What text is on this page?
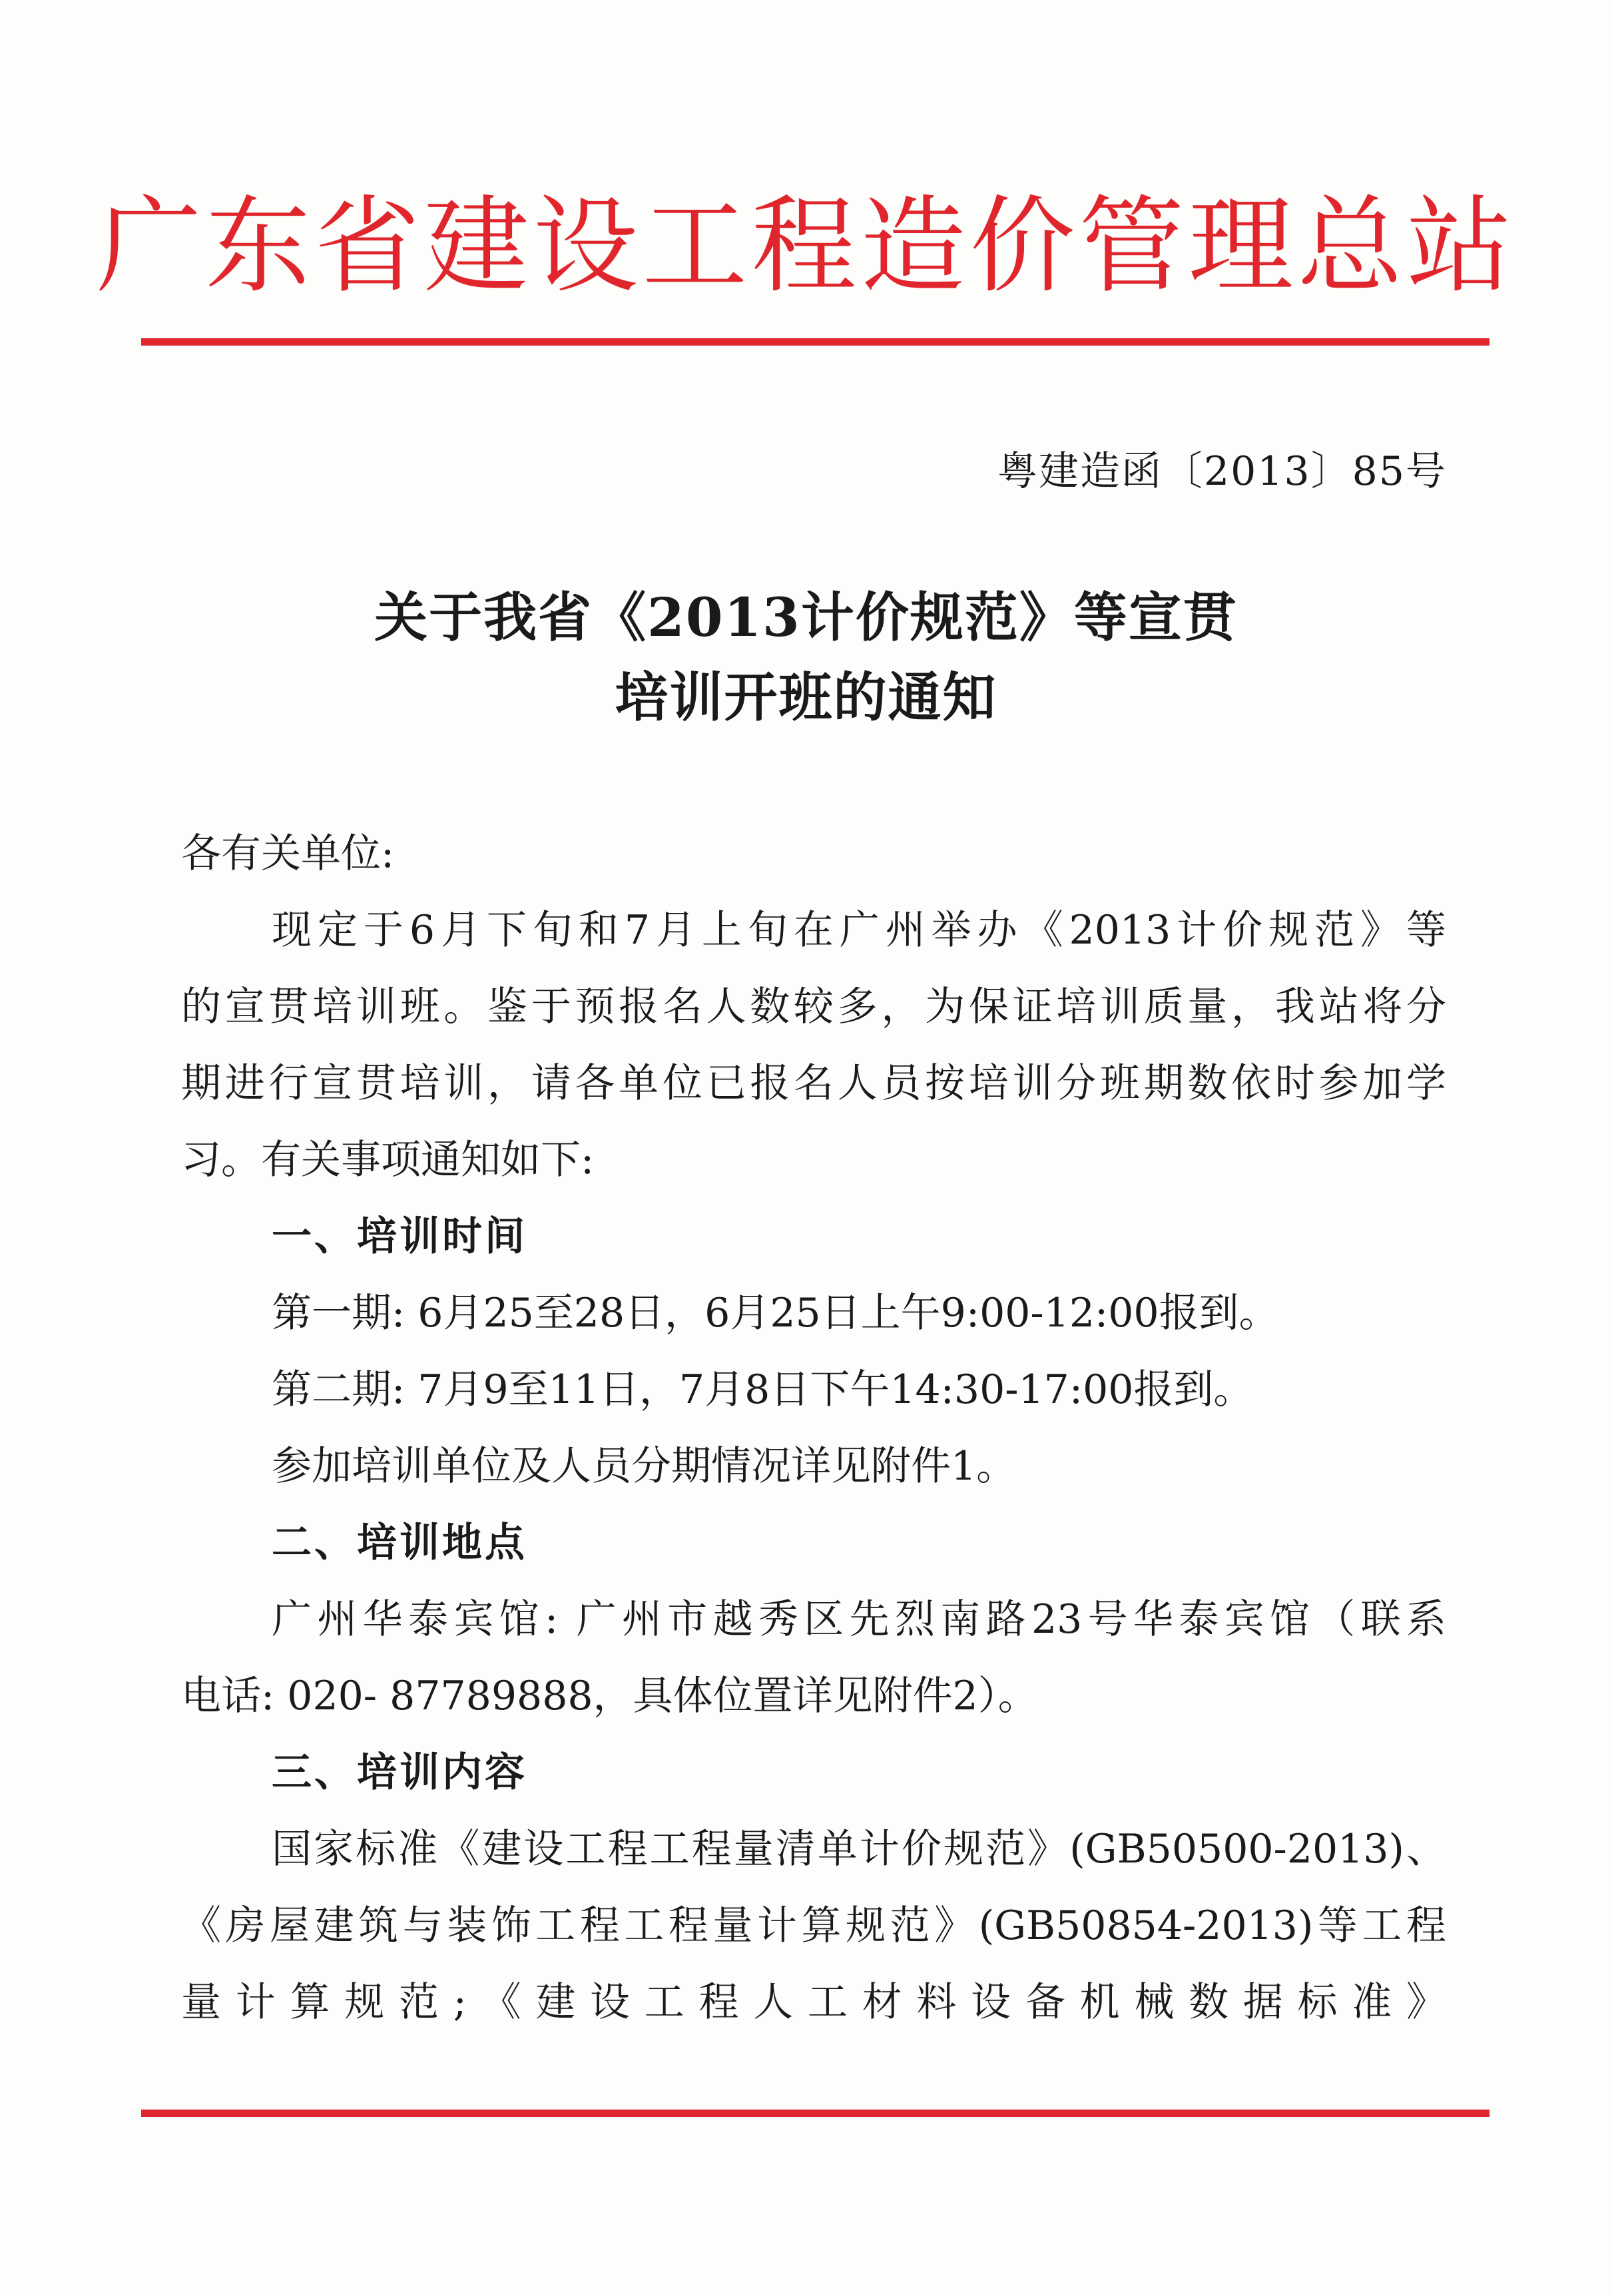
广东省建设工程造价管理总站
粤建造函〔2013〕85号
关于我省《2013计价规范》等宣贯
培训开班的通知
各有关单位:
现定于6月下旬和7月上旬在广州举办《2013计价规范》等
的宣贯培训班。鉴于预报名人数较多，为保证培训质量，我站将分
期进行宣贯培训，请各单位已报名人员按培训分班期数依时参加学
习。有关事项通知如下:
一、培训时间
第一期: 6月25至28日，6月25日上午9:00-12:00报到。
第二期: 7月9至11日，7月8日下午14:30-17:00报到。
参加培训单位及人员分期情况详见附件1。
二、培训地点
广州华泰宾馆: 广州市越秀区先烈南路23号华泰宾馆（联系
电话: 020- 87789888，具体位置详见附件2）。
三、培训内容
国家标准《建设工程工程量清单计价规范》(GB50500-2013)、
《房屋建筑与装饰工程工程量计算规范》(GB50854-2013)等工程
量计算规范;《建设工程人工材料设备机械数据标准》
